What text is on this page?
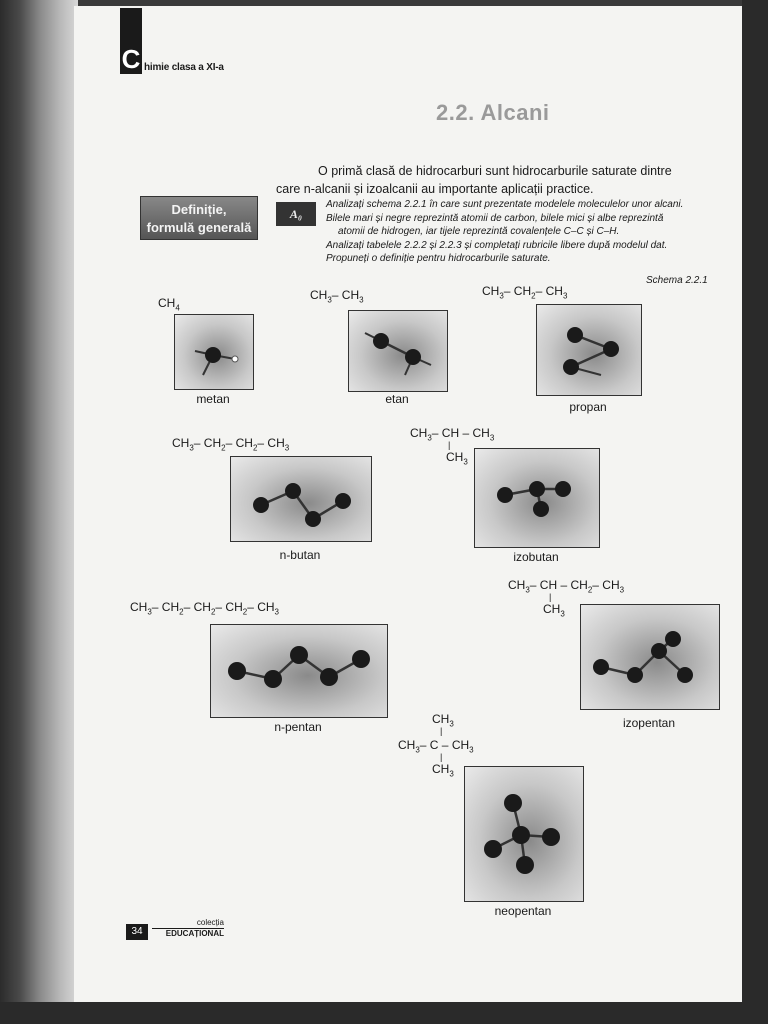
C himie clasa a XI-a
2.2. Alcani
O primă clasă de hidrocarburi sunt hidrocarburile saturate dintre
care n-alcanii și izoalcanii au importante aplicații practice.
Definiție,
formulă generală
A₀
Analizați schema 2.2.1 în care sunt prezentate modelele moleculelor unor alcani.
Bilele mari și negre reprezintă atomii de carbon, bilele mici și albe reprezintă
atomii de hidrogen, iar tijele reprezintă covalențele C–C și C–H.
Analizați tabelele 2.2.2 și 2.2.3 și completați rubricile libere după modelul dat.
Propuneți o definiție pentru hidrocarburile saturate.
Schema 2.2.1
$CH_4$
metan
$CH_3-$ $CH_3$
etan
$CH_3-$ $CH_2-$ $CH_3$
propan
$CH_3-$ $CH_2-$ $CH_2-$ $CH_3$
n-butan
$CH_3-$ CH – $CH_3$
|
$CH_3$
izobutan
$CH_3-$ $CH_2-$ $CH_2-$ $CH_2-$ $CH_3$
n-pentan
$CH_3-$ CH – $CH_2-$ $CH_3$
|
$CH_3$
izopentan
$CH_3$
|
$CH_3-$ C – $CH_3$
|
$CH_3$
neopentan
34
colecția
EDUCAȚIONAL
